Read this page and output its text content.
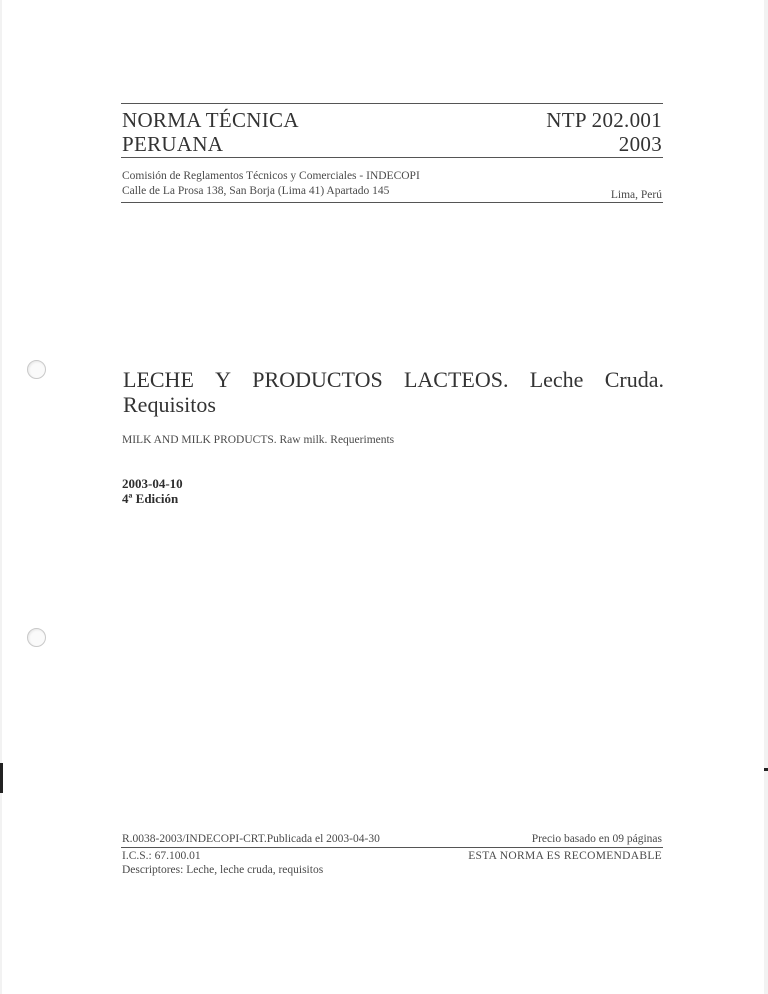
NORMA TÉCNICA
PERUANA
NTP 202.001
2003
Comisión de Reglamentos Técnicos y Comerciales - INDECOPI
Calle de La Prosa 138, San Borja (Lima 41) Apartado 145	Lima, Perú
LECHE Y PRODUCTOS LACTEOS. Leche Cruda.
Requisitos
MILK AND MILK PRODUCTS. Raw milk. Requeriments
2003-04-10
4ª Edición
R.0038-2003/INDECOPI-CRT.Publicada el 2003-04-30	Precio basado en 09 páginas
I.C.S.: 67.100.01	ESTA NORMA ES RECOMENDABLE
Descriptores: Leche, leche cruda, requisitos
